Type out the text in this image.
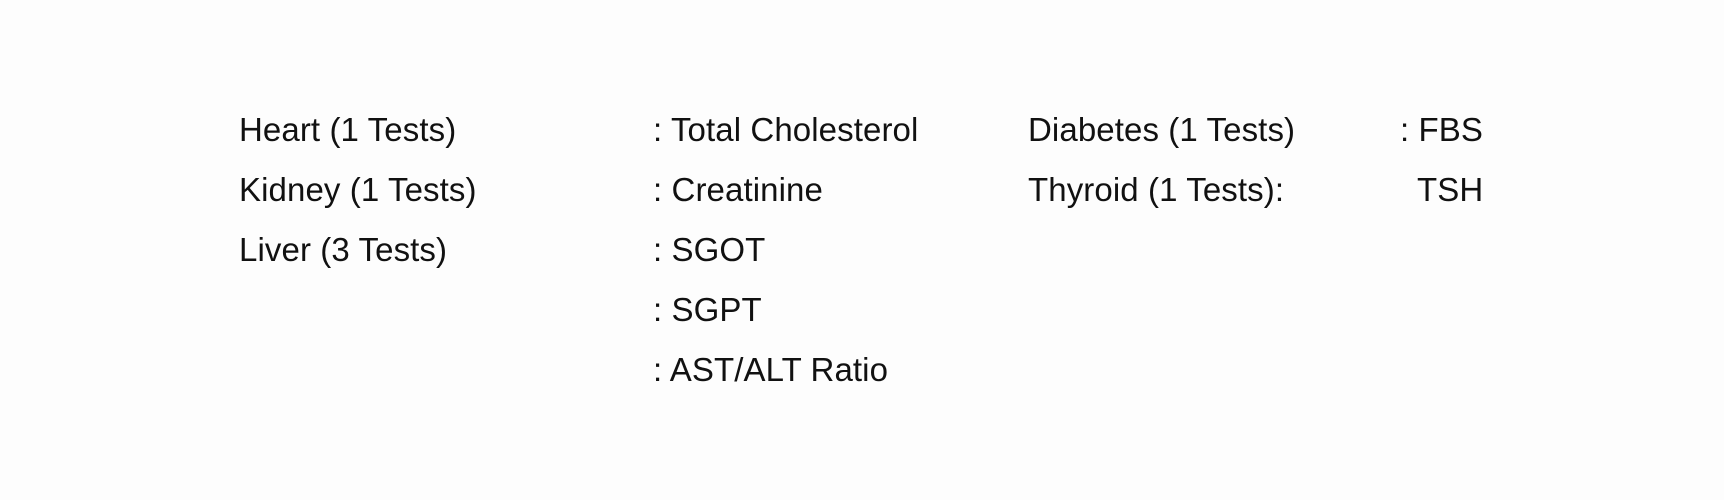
Heart (1 Tests)
Kidney (1 Tests)
Liver (3 Tests)
: Total Cholesterol
: Creatinine
: SGOT
: SGPT
: AST/ALT Ratio
Diabetes (1 Tests)
Thyroid (1 Tests):
: FBS
TSH
